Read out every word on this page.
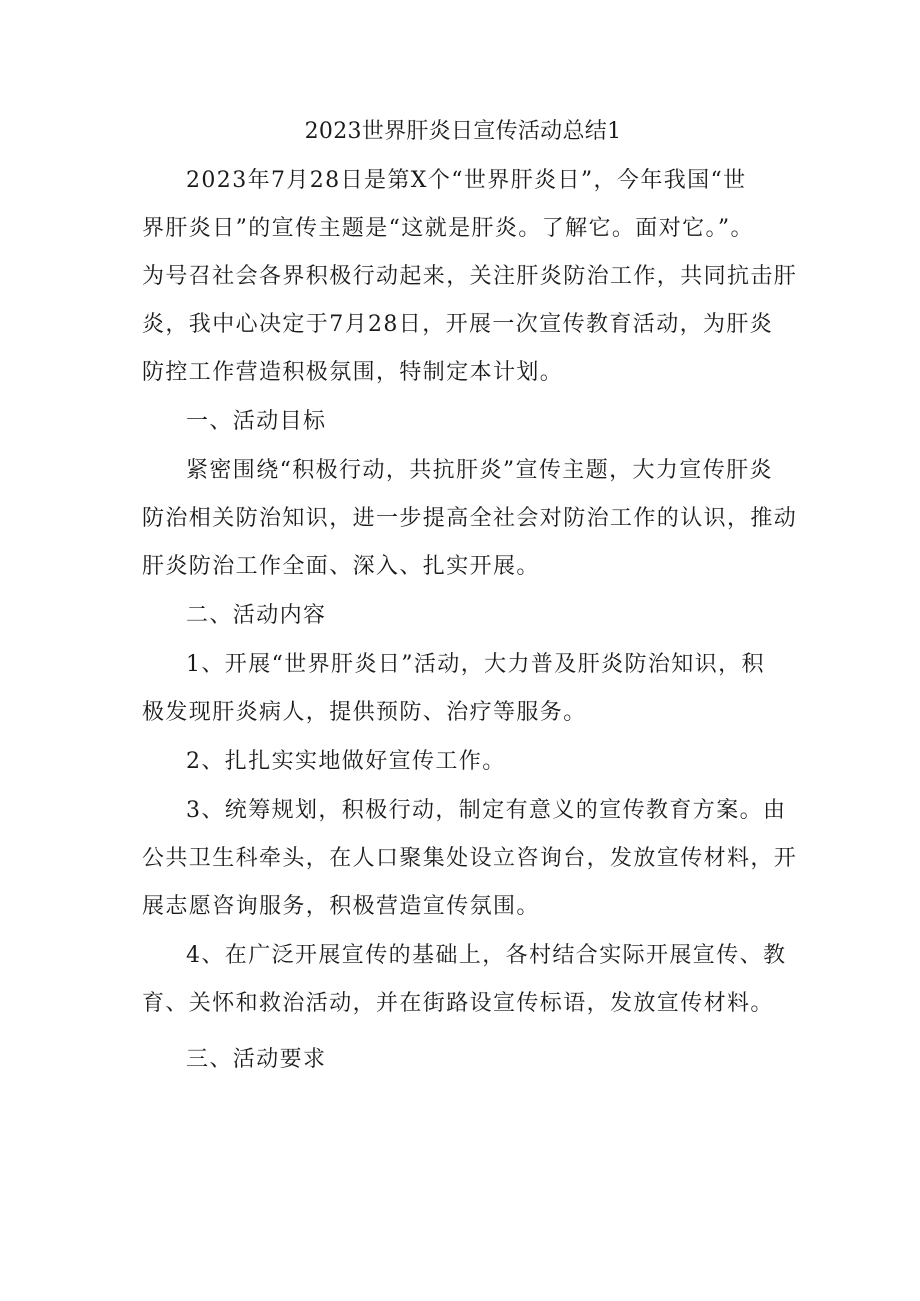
2023世界肝炎日宣传活动总结1
2023年7月28日是第X个“世界肝炎日”，今年我国“世
界肝炎日”的宣传主题是“这就是肝炎。了解它。面对它。”。
为号召社会各界积极行动起来，关注肝炎防治工作，共同抗击肝
炎，我中心决定于7月28日，开展一次宣传教育活动，为肝炎
防控工作营造积极氛围，特制定本计划。
一、活动目标
紧密围绕“积极行动，共抗肝炎”宣传主题，大力宣传肝炎
防治相关防治知识，进一步提高全社会对防治工作的认识，推动
肝炎防治工作全面、深入、扎实开展。
二、活动内容
1、开展“世界肝炎日”活动，大力普及肝炎防治知识，积
极发现肝炎病人，提供预防、治疗等服务。
2、扎扎实实地做好宣传工作。
3、统筹规划，积极行动，制定有意义的宣传教育方案。由
公共卫生科牵头，在人口聚集处设立咨询台，发放宣传材料，开
展志愿咨询服务，积极营造宣传氛围。
4、在广泛开展宣传的基础上，各村结合实际开展宣传、教
育、关怀和救治活动，并在街路设宣传标语，发放宣传材料。
三、活动要求
